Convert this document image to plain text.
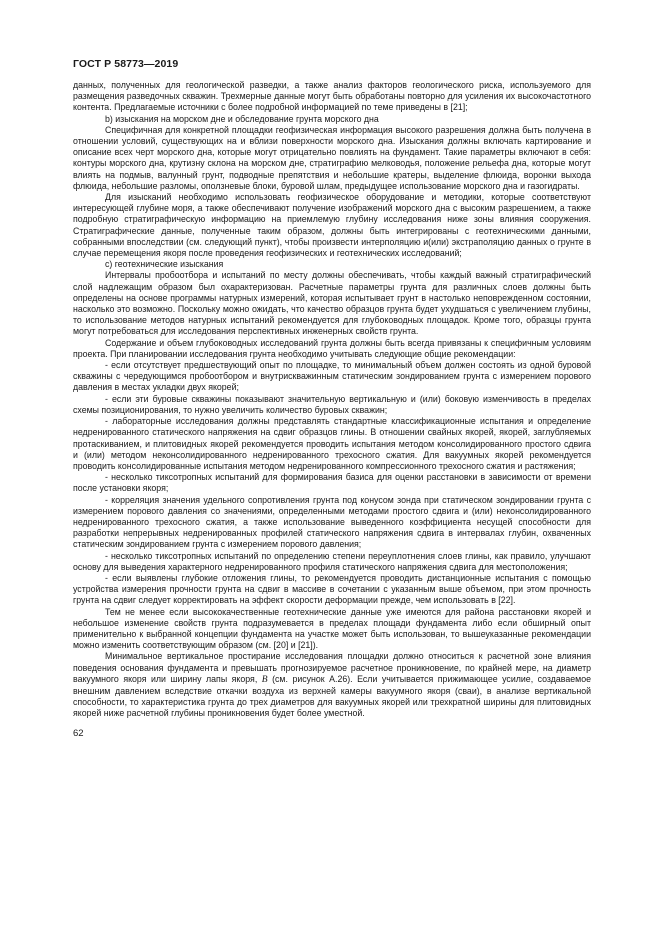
ГОСТ Р 58773—2019

данных, полученных для геологической разведки, а также анализ факторов геологического риска, используемого для размещения разведочных скважин. Трехмерные данные могут быть обработаны повторно для усиления их высокочастотного контента. Предлагаемые источники с более подробной информацией по теме приведены в [21];

b) изыскания на морском дне и обследование грунта морского дна

Специфичная для конкретной площадки геофизическая информация высокого разрешения должна быть получена в отношении условий, существующих на и вблизи поверхности морского дна. Изыскания должны включать картирование и описание всех черт морского дна, которые могут отрицательно повлиять на фундамент. Такие параметры включают в себя: контуры морского дна, крутизну склона на морском дне, стратиграфию мелководья, положение рельефа дна, которые могут влиять на подмыв, валунный грунт, подводные препятствия и небольшие кратеры, выделение флюида, воронки выхода флюида, небольшие разломы, оползневые блоки, буровой шлам, предыдущее использование морского дна и газогидраты.

Для изысканий необходимо использовать геофизическое оборудование и методики, которые соответствуют интересующей глубине моря, а также обеспечивают получение изображений морского дна с высоким разрешением, а также подробную стратиграфическую информацию на приемлемую глубину исследования ниже зоны влияния сооружения. Стратиграфические данные, полученные таким образом, должны быть интегрированы с геотехническими данными, собранными впоследствии (см. следующий пункт), чтобы произвести интерполяцию и(или) экстраполяцию данных о грунте в случае перемещения якоря после проведения геофизических и геотехнических исследований;

c) геотехнические изыскания

Интервалы пробоотбора и испытаний по месту должны обеспечивать, чтобы каждый важный стратиграфический слой надлежащим образом был охарактеризован. Расчетные параметры грунта для различных слоев должны быть определены на основе программы натурных измерений, которая испытывает грунт в настолько неповрежденном состоянии, насколько это возможно. Поскольку можно ожидать, что качество образцов грунта будет ухудшаться с увеличением глубины, то использование методов натурных испытаний рекомендуется для глубоководных площадок. Кроме того, образцы грунта могут потребоваться для исследования перспективных инженерных свойств грунта.

Содержание и объем глубоководных исследований грунта должны быть всегда привязаны к специфичным условиям проекта. При планировании исследования грунта необходимо учитывать следующие общие рекомендации:

- если отсутствует предшествующий опыт по площадке, то минимальный объем должен состоять из одной буровой скважины с чередующимся пробоотбором и внутрискважинным статическим зондированием грунта с измерением порового давления в местах укладки двух якорей;

- если эти буровые скважины показывают значительную вертикальную и (или) боковую изменчивость в пределах схемы позиционирования, то нужно увеличить количество буровых скважин;

- лабораторные исследования должны представлять стандартные классификационные испытания и определение недренированного статического напряжения на сдвиг образцов глины. В отношении свайных якорей, якорей, заглубляемых протаскиванием, и плитовидных якорей рекомендуется проводить испытания методом консолидированного простого сдвига и (или) методом неконсолидированного недренированного трехосного сжатия. Для вакуумных якорей рекомендуется проводить консолидированные испытания методом недренированного компрессионного трехосного сжатия и растяжения;

- несколько тиксотропных испытаний для формирования базиса для оценки расстановки в зависимости от времени после установки якоря;

- корреляция значения удельного сопротивления грунта под конусом зонда при статическом зондировании грунта с измерением порового давления со значениями, определенными методами простого сдвига и (или) неконсолидированного недренированного трехосного сжатия, а также использование выведенного коэффициента несущей способности для разработки непрерывных недренированных профилей статического напряжения сдвига в интервалах глубин, охваченных статическим зондированием грунта с измерением порового давления;

- несколько тиксотропных испытаний по определению степени переуплотнения слоев глины, как правило, улучшают основу для выведения характерного недренированного профиля статического напряжения сдвига для местоположения;

- если выявлены глубокие отложения глины, то рекомендуется проводить дистанционные испытания с помощью устройства измерения прочности грунта на сдвиг в массиве в сочетании с указанным выше объемом, при этом прочность грунта на сдвиг следует корректировать на эффект скорости деформации прежде, чем использовать в [22].

Тем не менее если высококачественные геотехнические данные уже имеются для района расстановки якорей и небольшое изменение свойств грунта подразумевается в пределах площади фундамента либо если обширный опыт применительно к выбранной концепции фундамента на участке может быть использован, то вышеуказанные рекомендации можно изменить соответствующим образом (см. [20] и [21]).

Минимальное вертикальное простирание исследования площадки должно относиться к расчетной зоне влияния поведения основания фундамента и превышать прогнозируемое расчетное проникновение, по крайней мере, на диаметр вакуумного якоря или ширину лапы якоря, B (см. рисунок А.26). Если учитывается прижимающее усилие, создаваемое внешним давлением вследствие откачки воздуха из верхней камеры вакуумного якоря (сваи), в анализе вертикальной способности, то характеристика грунта до трех диаметров для вакуумных якорей или трехкратной ширины для плитовидных якорей ниже расчетной глубины проникновения будет более уместной.

62
